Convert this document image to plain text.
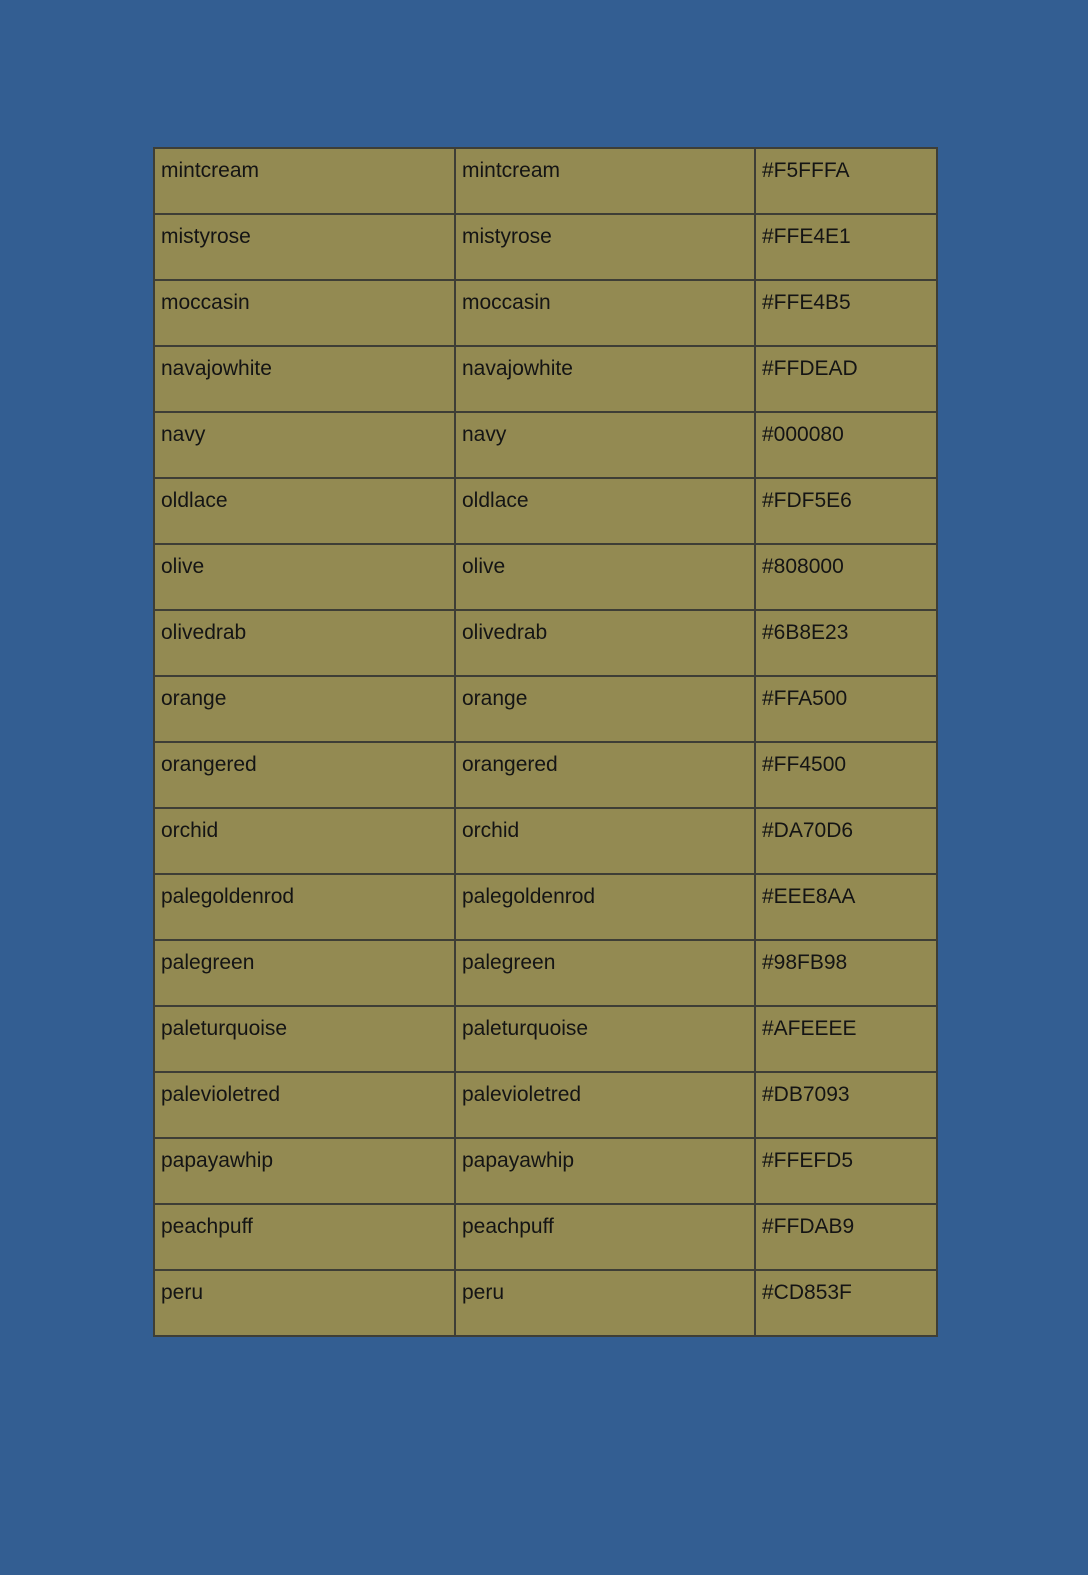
mintcream	mintcream	#F5FFFA
mistyrose	mistyrose	#FFE4E1
moccasin	moccasin	#FFE4B5
navajowhite	navajowhite	#FFDEAD
navy	navy	#000080
oldlace	oldlace	#FDF5E6
olive	olive	#808000
olivedrab	olivedrab	#6B8E23
orange	orange	#FFA500
orangered	orangered	#FF4500
orchid	orchid	#DA70D6
palegoldenrod	palegoldenrod	#EEE8AA
palegreen	palegreen	#98FB98
paleturquoise	paleturquoise	#AFEEEE
palevioletred	palevioletred	#DB7093
papayawhip	papayawhip	#FFEFD5
peachpuff	peachpuff	#FFDAB9
peru	peru	#CD853F
